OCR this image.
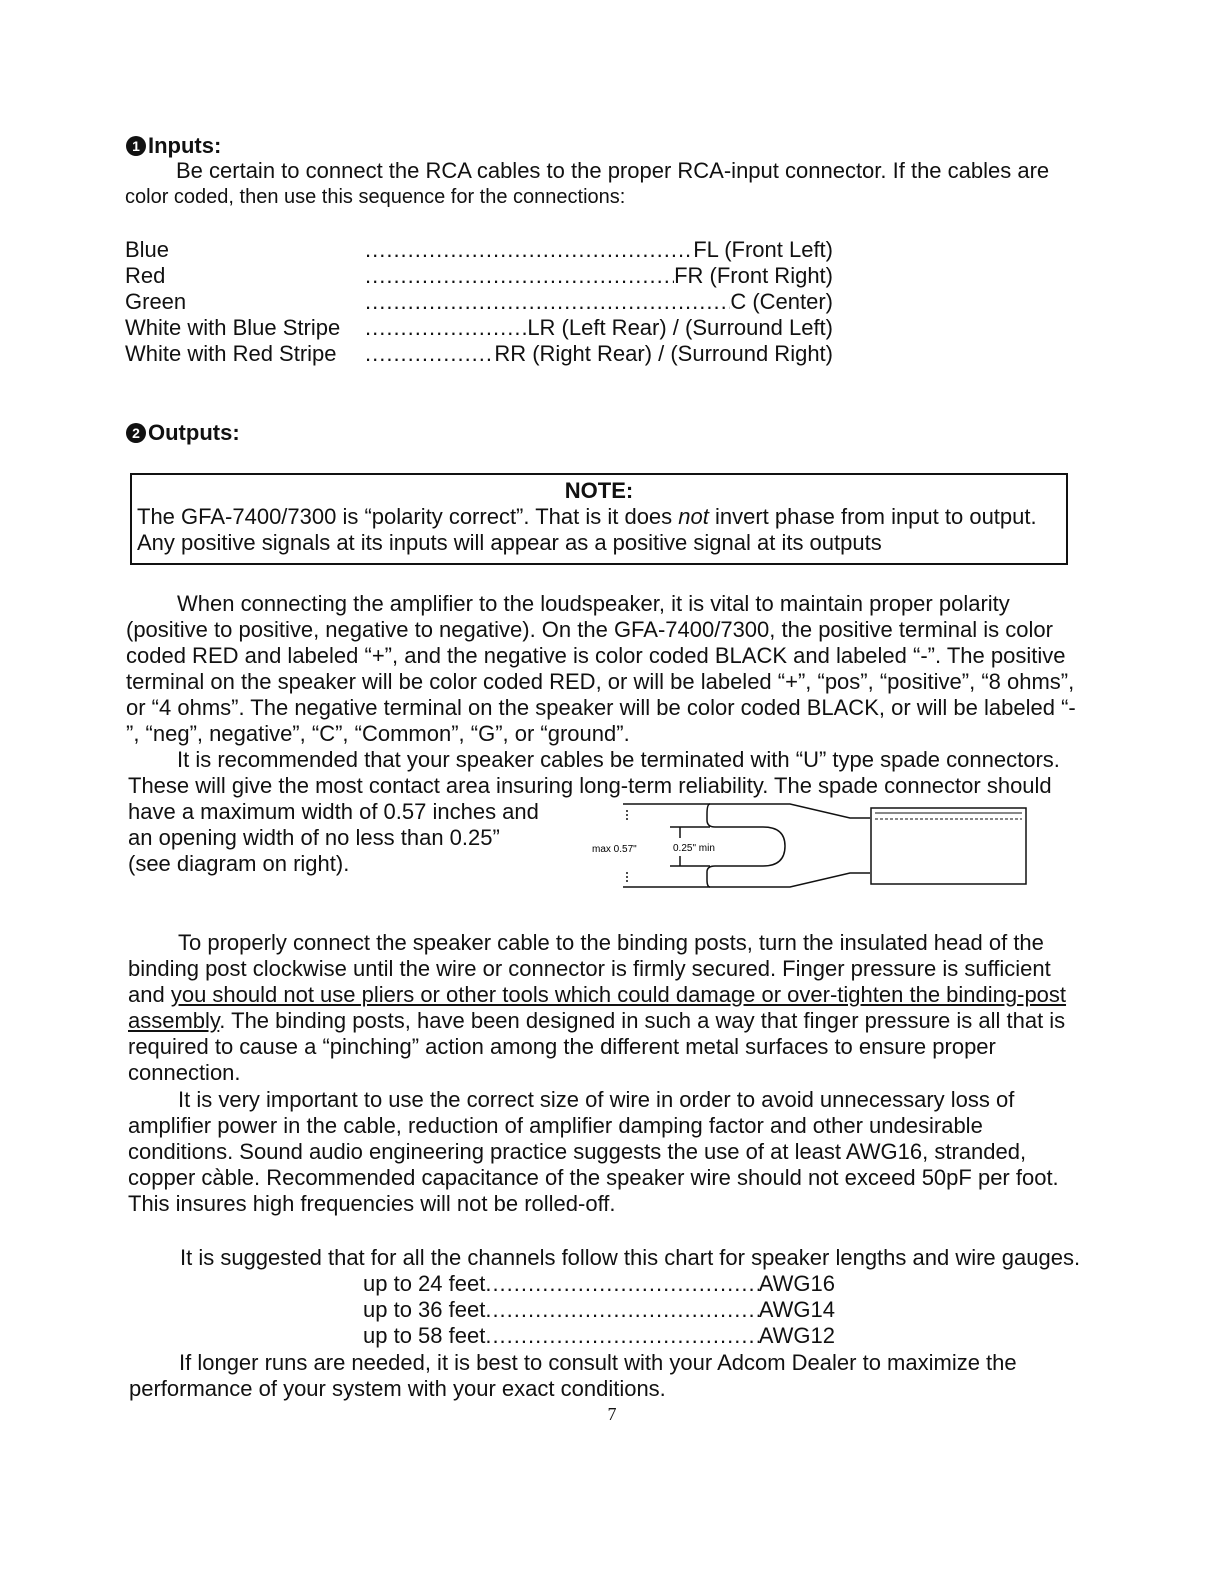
1 Inputs:
Be certain to connect the RCA cables to the proper RCA-input connector. If the cables are
color coded, then use this sequence for the connections:
Blue .....	FL (Front Left)
Red .....	FR (Front Right)
Green .....	C (Center)
White with Blue Stripe .....	LR (Left Rear) / (Surround Left)
White with Red Stripe .....	RR (Right Rear) / (Surround Right)
2 Outputs:
NOTE:
The GFA-7400/7300 is “polarity correct”. That is it does not invert phase from input to output.
Any positive signals at its inputs will appear as a positive signal at its outputs
When connecting the amplifier to the loudspeaker, it is vital to maintain proper polarity
(positive to positive, negative to negative). On the GFA-7400/7300, the positive terminal is color
coded RED and labeled “+”, and the negative is color coded BLACK and labeled “-”. The positive
terminal on the speaker will be color coded RED, or will be labeled “+”, “pos”, “positive”, “8 ohms”,
or “4 ohms”. The negative terminal on the speaker will be color coded BLACK, or will be labeled “-
”, “neg”, negative”, “C”, “Common”, “G”, or “ground”.
It is recommended that your speaker cables be terminated with “U” type spade connectors.
These will give the most contact area insuring long-term reliability. The spade connector should
have a maximum width of 0.57 inches and
an opening width of no less than 0.25”
(see diagram on right).
max 0.57"	0.25" min
To properly connect the speaker cable to the binding posts, turn the insulated head of the
binding post clockwise until the wire or connector is firmly secured. Finger pressure is sufficient
and you should not use pliers or other tools which could damage or over-tighten the binding-post
assembly. The binding posts, have been designed in such a way that finger pressure is all that is
required to cause a “pinching” action among the different metal surfaces to ensure proper
connection.
It is very important to use the correct size of wire in order to avoid unnecessary loss of
amplifier power in the cable, reduction of amplifier damping factor and other undesirable
conditions. Sound audio engineering practice suggests the use of at least AWG16, stranded,
copper càble. Recommended capacitance of the speaker wire should not exceed 50pF per foot.
This insures high frequencies will not be rolled-off.
It is suggested that for all the channels follow this chart for speaker lengths and wire gauges.
up to 24 feet .....	AWG16
up to 36 feet .....	AWG14
up to 58 feet .....	AWG12
If longer runs are needed, it is best to consult with your Adcom Dealer to maximize the
performance of your system with your exact conditions.
7
